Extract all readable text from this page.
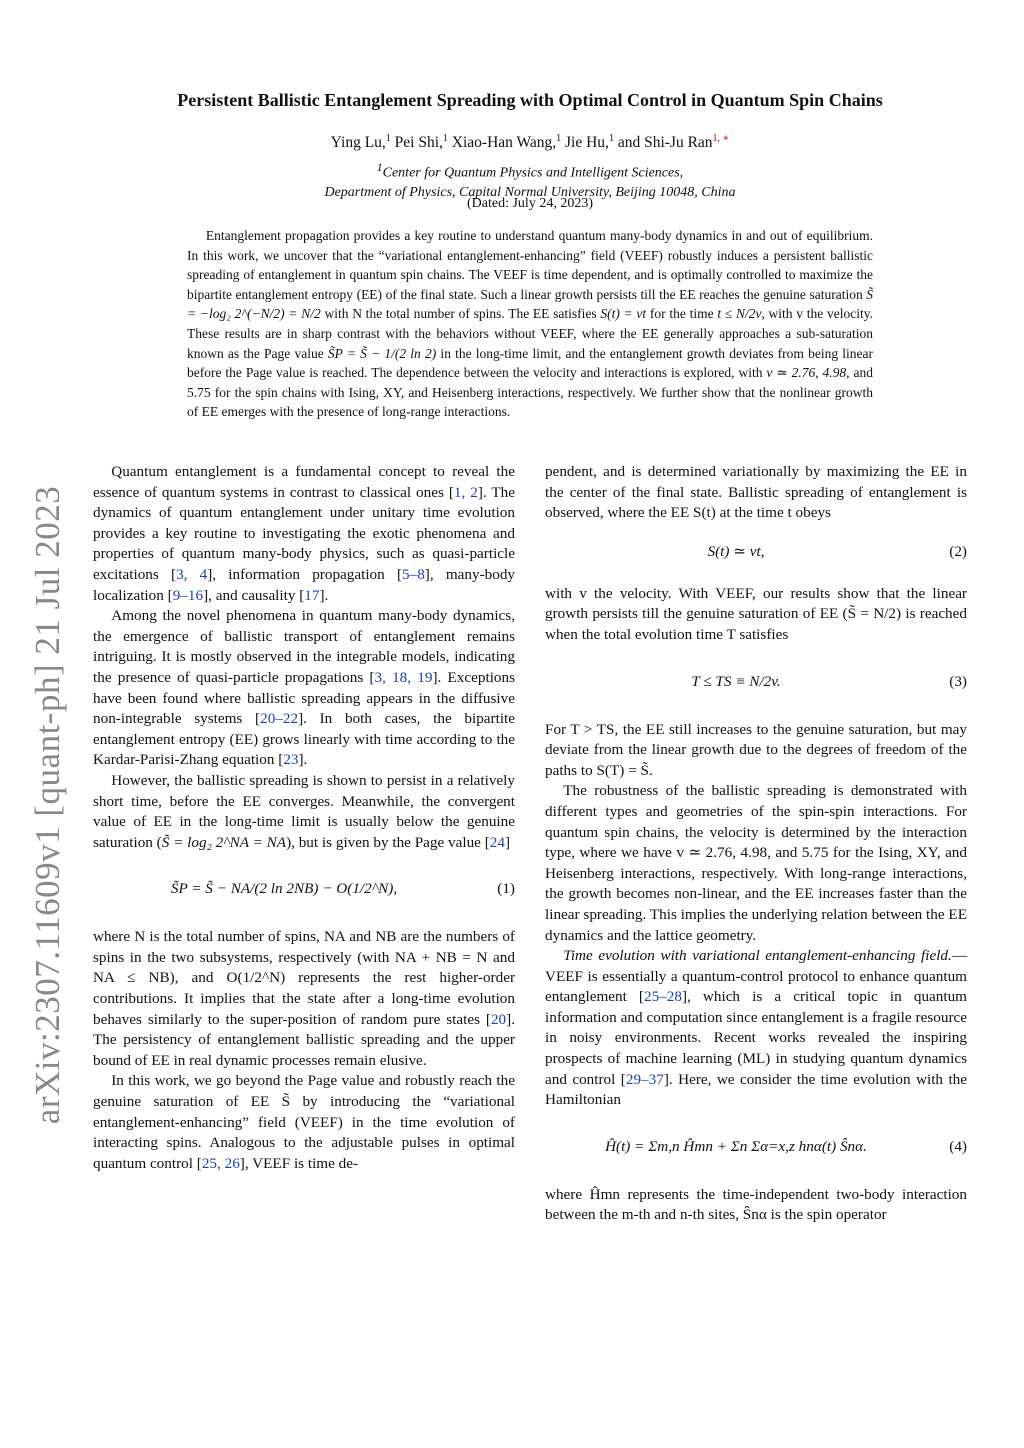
arXiv:2307.11609v1 [quant-ph] 21 Jul 2023
Persistent Ballistic Entanglement Spreading with Optimal Control in Quantum Spin Chains
Ying Lu,$^1$ Pei Shi,$^1$ Xiao-Han Wang,$^1$ Jie Hu,$^1$ and Shi-Ju Ran$^{1, ∗}$
$^1$Center for Quantum Physics and Intelligent Sciences,
Department of Physics, Capital Normal University, Beijing 10048, China
(Dated: July 24, 2023)
Entanglement propagation provides a key routine to understand quantum many-body dynamics in and out of equilibrium. In this work, we uncover that the “variational entanglement-enhancing” field (VEEF) robustly induces a persistent ballistic spreading of entanglement in quantum spin chains. The VEEF is time dependent, and is optimally controlled to maximize the bipartite entanglement entropy (EE) of the final state. Such a linear growth persists till the EE reaches the genuine saturation S̃ = −log₂ 2^(−N/2) = N/2 with N the total number of spins. The EE satisfies S(t) = vt for the time t ≤ N/2v, with v the velocity. These results are in sharp contrast with the behaviors without VEEF, where the EE generally approaches a sub-saturation known as the Page value S̃P = S̃ − 1/(2 ln 2) in the long-time limit, and the entanglement growth deviates from being linear before the Page value is reached. The dependence between the velocity and interactions is explored, with v ≃ 2.76, 4.98, and 5.75 for the spin chains with Ising, XY, and Heisenberg interactions, respectively. We further show that the nonlinear growth of EE emerges with the presence of long-range interactions.

Quantum entanglement is a fundamental concept to reveal the essence of quantum systems in contrast to classical ones [1, 2]. The dynamics of quantum entanglement under unitary time evolution provides a key routine to investigating the exotic phenomena and properties of quantum many-body physics, such as quasi-particle excitations [3, 4], information propagation [5–8], many-body localization [9–16], and causality [17].

Among the novel phenomena in quantum many-body dynamics, the emergence of ballistic transport of entanglement remains intriguing. It is mostly observed in the integrable models, indicating the presence of quasi-particle propagations [3, 18, 19]. Exceptions have been found where ballistic spreading appears in the diffusive non-integrable systems [20–22]. In both cases, the bipartite entanglement entropy (EE) grows linearly with time according to the Kardar-Parisi-Zhang equation [23].

However, the ballistic spreading is shown to persist in a relatively short time, before the EE converges. Meanwhile, the convergent value of EE in the long-time limit is usually below the genuine saturation (S̃ = log₂ 2^NA = NA), but is given by the Page value [24]

S̃P = S̃ − NA/(2 ln 2NB) − O(1/2^N),	(1)

where N is the total number of spins, NA and NB are the numbers of spins in the two subsystems, respectively (with NA + NB = N and NA ≤ NB), and O(1/2^N) represents the rest higher-order contributions. It implies that the state after a long-time evolution behaves similarly to the super-position of random pure states [20]. The persistency of entanglement ballistic spreading and the upper bound of EE in real dynamic processes remain elusive.

In this work, we go beyond the Page value and robustly reach the genuine saturation of EE S̃ by introducing the “variational entanglement-enhancing” field (VEEF) in the time evolution of interacting spins. Analogous to the adjustable pulses in optimal quantum control [25, 26], VEEF is time de-

pendent, and is determined variationally by maximizing the EE in the center of the final state. Ballistic spreading of entanglement is observed, where the EE S(t) at the time t obeys

S(t) ≃ vt,	(2)

with v the velocity. With VEEF, our results show that the linear growth persists till the genuine saturation of EE (S̃ = N/2) is reached when the total evolution time T satisfies

T ≤ TS ≡ N/2v.	(3)

For T > TS, the EE still increases to the genuine saturation, but may deviate from the linear growth due to the degrees of freedom of the paths to S(T) = S̃.

The robustness of the ballistic spreading is demonstrated with different types and geometries of the spin-spin interactions. For quantum spin chains, the velocity is determined by the interaction type, where we have v ≃ 2.76, 4.98, and 5.75 for the Ising, XY, and Heisenberg interactions, respectively. With long-range interactions, the growth becomes non-linear, and the EE increases faster than the linear spreading. This implies the underlying relation between the EE dynamics and the lattice geometry.

Time evolution with variational entanglement-enhancing field.— VEEF is essentially a quantum-control protocol to enhance quantum entanglement [25–28], which is a critical topic in quantum information and computation since entanglement is a fragile resource in noisy environments. Recent works revealed the inspiring prospects of machine learning (ML) in studying quantum dynamics and control [29–37]. Here, we consider the time evolution with the Hamiltonian

Ĥ(t) = Σm,n Ĥmn + Σn Σα=x,z hnα(t) Ŝnα.	(4)

where Ĥmn represents the time-independent two-body interaction between the m-th and n-th sites, Ŝnα is the spin operator
